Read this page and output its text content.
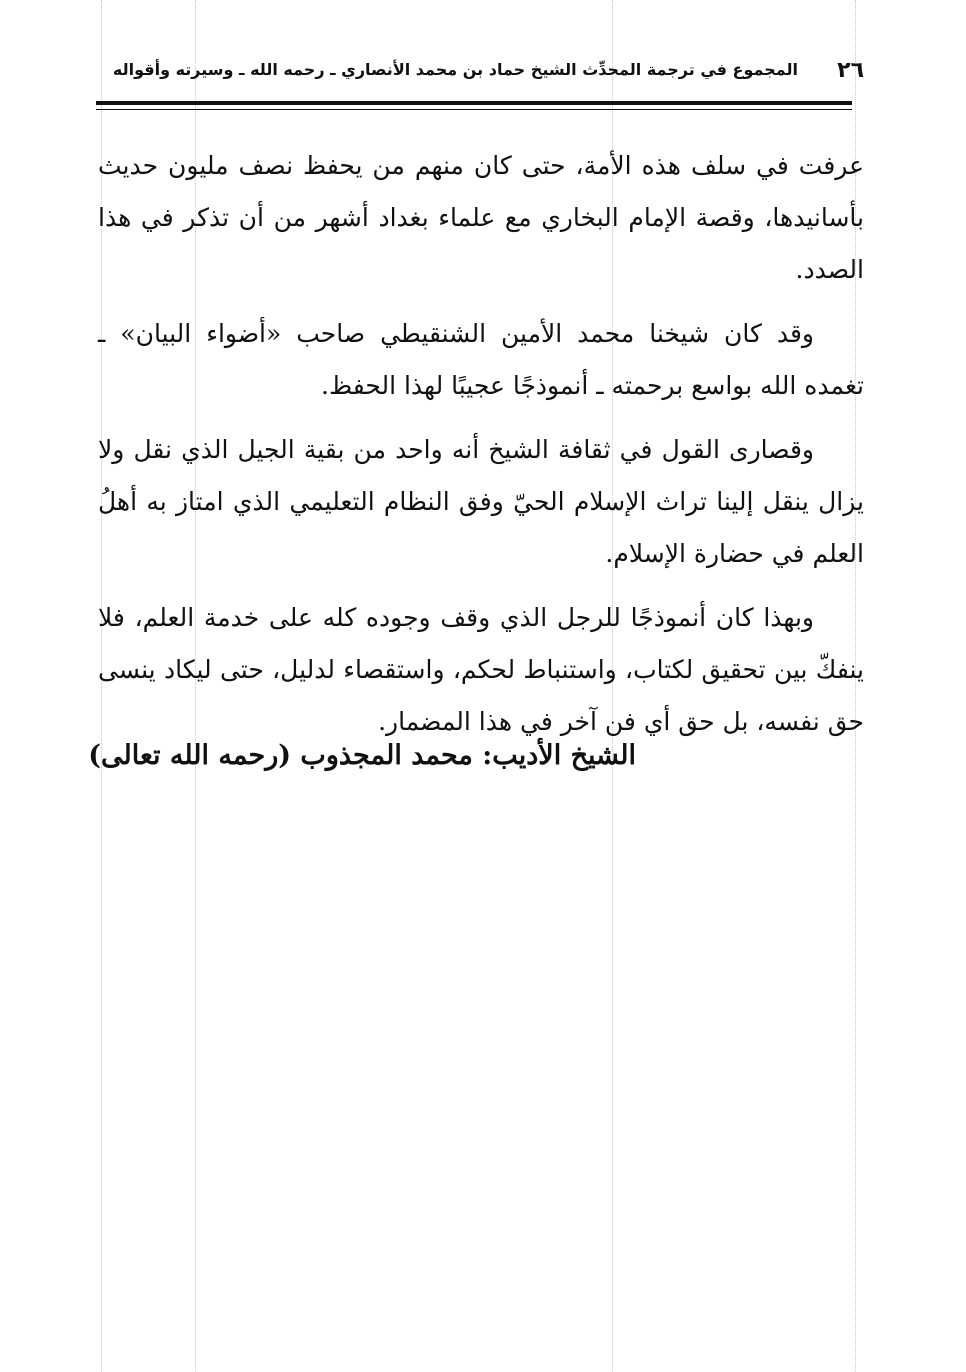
٢٦
المجموع في ترجمة المحدِّث الشيخ حماد بن محمد الأنصاري ـ رحمه الله ـ وسيرته وأقواله

عرفت في سلف هذه الأمة، حتى كان منهم من يحفظ نصف مليون حديث بأسانيدها، وقصة الإمام البخاري مع علماء بغداد أشهر من أن تذكر في هذا الصدد.

وقد كان شيخنا محمد الأمين الشنقيطي صاحب «أضواء البيان» ـ تغمده الله بواسع برحمته ـ أنموذجًا عجيبًا لهذا الحفظ.

وقصارى القول في ثقافة الشيخ أنه واحد من بقية الجيل الذي نقل ولا يزال ينقل إلينا تراث الإسلام الحيّ وفق النظام التعليمي الذي امتاز به أهلُ العلم في حضارة الإسلام.

وبهذا كان أنموذجًا للرجل الذي وقف وجوده كله على خدمة العلم، فلا ينفكّ بين تحقيق لكتاب، واستنباط لحكم، واستقصاء لدليل، حتى ليكاد ينسى حق نفسه، بل حق أي فن آخر في هذا المضمار.

الشيخ الأديب: محمد المجذوب (رحمه الله تعالى)
